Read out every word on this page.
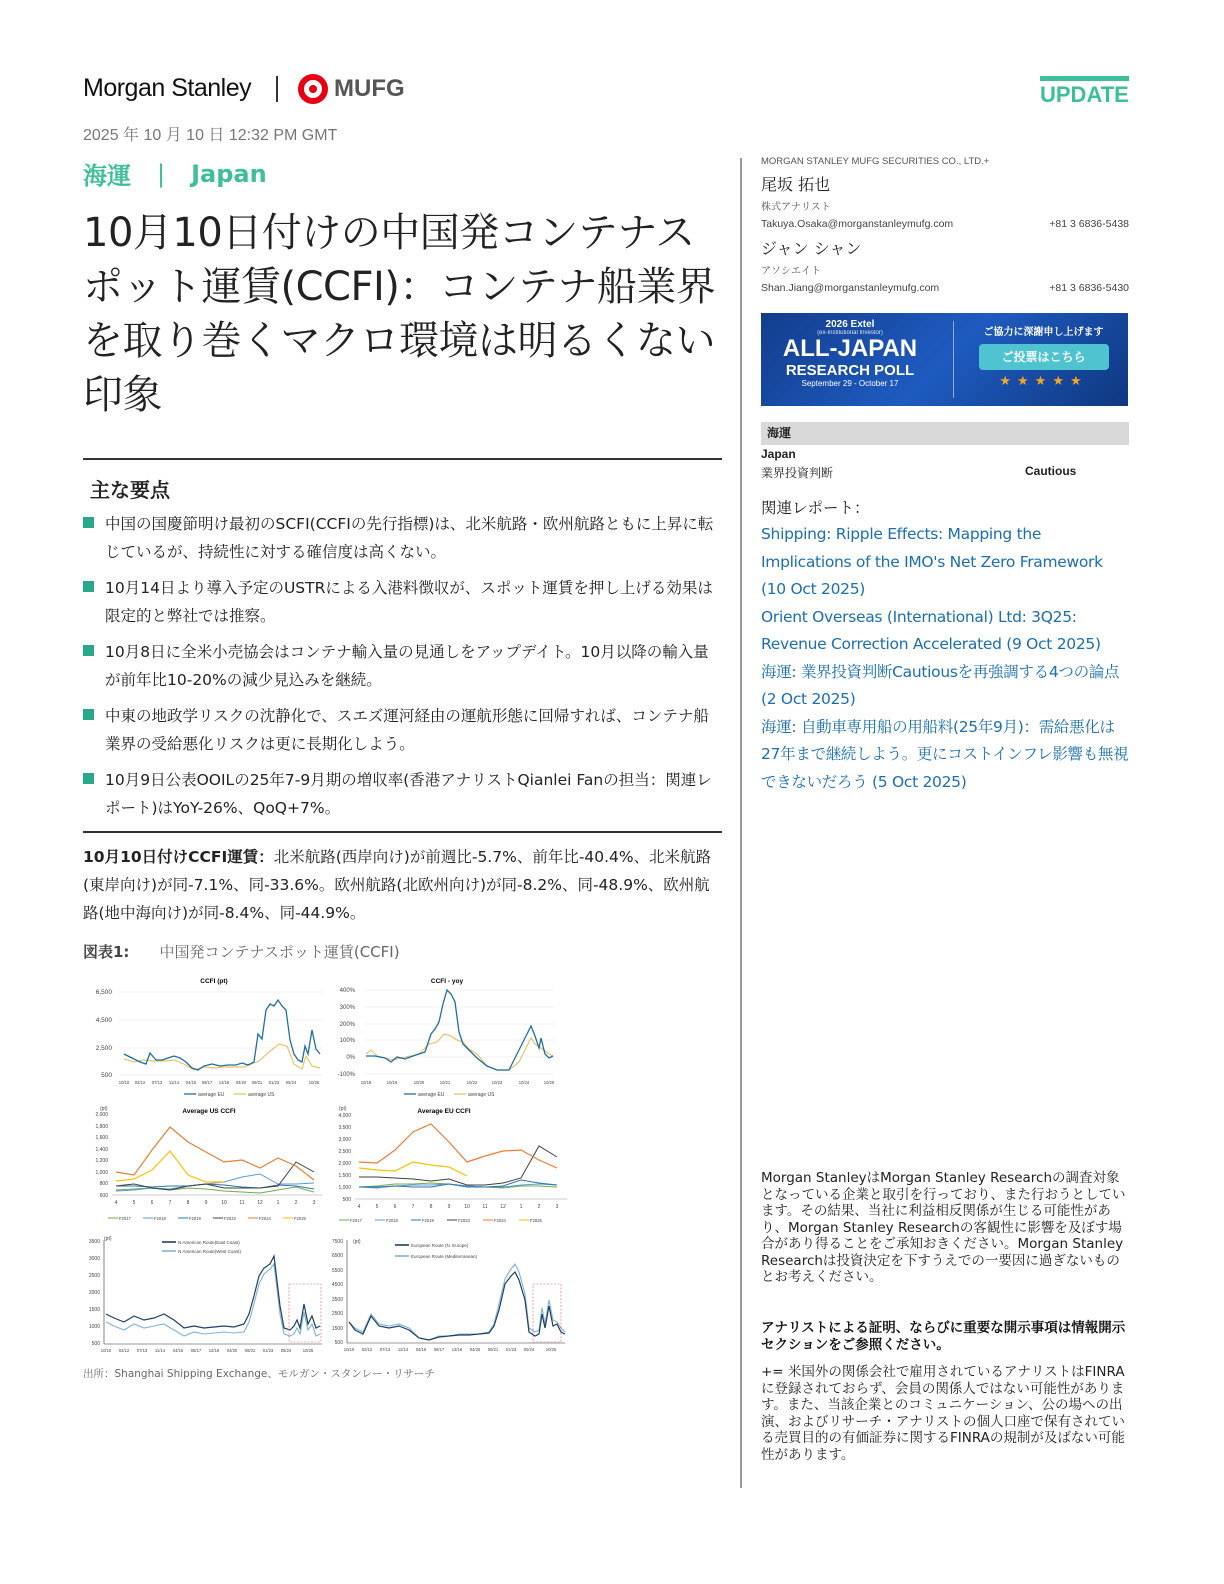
Morgan Stanley	MUFG	UPDATE
2025 年 10 月 10 日 12:32 PM GMT
海運 | Japan
10月10日付けの中国発コンテナスポット運賃(CCFI)：コンテナ船業界を取り巻くマクロ環境は明るくない印象
主な要点
中国の国慶節明け最初のSCFI(CCFIの先行指標)は、北米航路・欧州航路ともに上昇に転じているが、持続性に対する確信度は高くない。
10月14日より導入予定のUSTRによる入港料徴収が、スポット運賃を押し上げる効果は限定的と弊社では推察。
10月8日に全米小売協会はコンテナ輸入量の見通しをアップデイト。10月以降の輸入量が前年比10-20%の減少見込みを継続。
中東の地政学リスクの沈静化で、スエズ運河経由の運航形態に回帰すれば、コンテナ船業界の受給悪化リスクは更に長期化しよう。
10月9日公表OOILの25年7-9月期の増収率(香港アナリストQianlei Fanの担当：関連レポート)はYoY-26%、QoQ+7%。
10月10日付けCCFI運賃：北米航路(西岸向け)が前週比-5.7%、前年比-40.4%、北米航路(東岸向け)が同-7.1%、同-33.6%。欧州航路(北欧州向け)が同-8.2%、同-48.9%、欧州航路(地中海向け)が同-8.4%、同-44.9%。
図表1: 中国発コンテナスポット運賃(CCFI)
CCFI (pt)
6,500
4,500
2,500
500
10/10 02/12 07/13 11/14 04/16 08/17 12/18 04/20 08/21 01/23 05/24	10/25
average EU	average US
CCFI - yoy
400%
300%
200%
100%
0%
-100%
10/18	10/19	10/20	10/21	10/22	10/23	10/24	10/25
average EU	average US
(pt)	Average US CCFI
2,000
1,800
1,600
1,400
1,200
1,000
800
600
4	5	6	7	8	9	10	11	12	1	2	3
F2017	F2018	F2019	F2023	F2024	F2025
(pt)	Average EU CCFI
4,000
3,500
3,000
2,500
2,000
1,500
1,000
500
4	5	6	7	8	9	10	11	12	1	2	3
F2017	F2018	F2019	F2023	F2024	F2025
(pt)
3500
3000
2500
2000
1500
1000
500
N.American Route(East Coast)
N.American Route(West Coast)
10/10 02/12 07/13 11/14 04/16 08/17 12/18 04/20 08/21 01/23 05/24	10/25
(pt)
7500
6500
5500
4500
3500
2500
1500
500
European Route (N. Europe)
European Route (Mediterranean)
10/10 02/12 07/13 11/14 04/16 08/17 12/18 04/20 08/21 01/23 05/24	10/25
出所：Shanghai Shipping Exchange、モルガン・スタンレー・リサーチ
MORGAN STANLEY MUFG SECURITIES CO., LTD.+
尾坂 拓也
株式アナリスト
Takuya.Osaka@morganstanleymufg.com	+81 3 6836-5438
ジャン シャン
アソシエイト
Shan.Jiang@morganstanleymufg.com	+81 3 6836-5430
2026 Extel
(ex-Institutional Investor)
ALL-JAPAN
RESEARCH POLL
September 29 - October 17
ご協力に深謝申し上げます
ご投票はこちら
★★★★★
海運
Japan
業界投資判断	Cautious
関連レポート：
Shipping: Ripple Effects: Mapping the Implications of the IMO's Net Zero Framework (10 Oct 2025)
Orient Overseas (International) Ltd: 3Q25: Revenue Correction Accelerated (9 Oct 2025)
海運: 業界投資判断Cautiousを再強調する4つの論点 (2 Oct 2025)
海運: 自動車専用船の用船料(25年9月)：需給悪化は27年まで継続しよう。更にコストインフレ影響も無視できないだろう (5 Oct 2025)
Morgan StanleyはMorgan Stanley Researchの調査対象となっている企業と取引を行っており、また行おうとしています。その結果、当社に利益相反関係が生じる可能性があり、Morgan Stanley Researchの客観性に影響を及ぼす場合があり得ることをご承知おきください。Morgan Stanley Researchは投資決定を下すうえでの一要因に過ぎないものとお考えください。
アナリストによる証明、ならびに重要な開示事項は情報開示セクションをご参照ください。
+= 米国外の関係会社で雇用されているアナリストはFINRAに登録されておらず、会員の関係人ではない可能性があります。また、当該企業とのコミュニケーション、公の場への出演、およびリサーチ・アナリストの個人口座で保有されている売買目的の有価証券に関するFINRAの規制が及ばない可能性があります。
